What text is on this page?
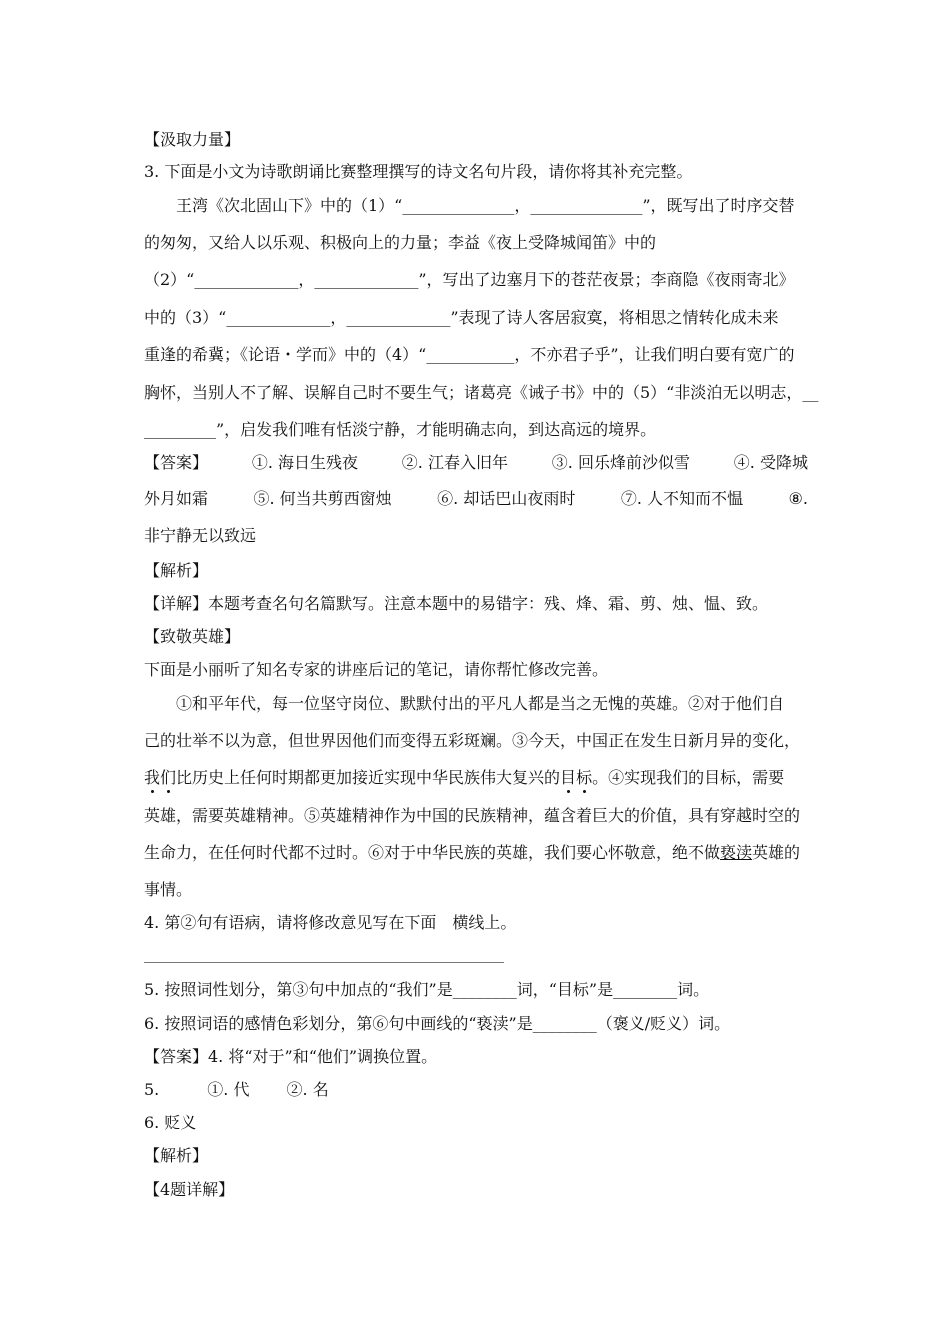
【汲取力量】
3. 下面是小文为诗歌朗诵比赛整理撰写的诗文名句片段，请你将其补充完整。
　　王湾《次北固山下》中的（1）“______________，______________”，既写出了时序交替
的匆匆，又给人以乐观、积极向上的力量；李益《夜上受降城闻笛》中的
（2）“_____________，_____________”，写出了边塞月下的苍茫夜景；李商隐《夜雨寄北》
中的（3）“_____________，_____________”表现了诗人客居寂寞，将相思之情转化成未来
重逢的希冀；《论语・学而》中的（4）“___________，不亦君子乎”，让我们明白要有宽广的
胸怀，当别人不了解、误解自己时不要生气；诸葛亮《诫子书》中的（5）“非淡泊无以明志，__
_________”，启发我们唯有恬淡宁静，才能明确志向，到达高远的境界。
【答案】	①. 海日生残夜	②. 江春入旧年	③. 回乐烽前沙似雪	④. 受降城
外月如霜	⑤. 何当共剪西窗烛	⑥. 却话巴山夜雨时	⑦. 人不知而不愠	⑧.
非宁静无以致远
【解析】
【详解】本题考查名句名篇默写。注意本题中的易错字：残、烽、霜、剪、烛、愠、致。
【致敬英雄】
下面是小丽听了知名专家的讲座后记的笔记，请你帮忙修改完善。
　　①和平年代，每一位坚守岗位、默默付出的平凡人都是当之无愧的英雄。②对于他们自
己的壮举不以为意，但世界因他们而变得五彩斑斓。③今天，中国正在发生日新月异的变化，
我们比历史上任何时期都更加接近实现中华民族伟大复兴的目标。④实现我们的目标，需要
英雄，需要英雄精神。⑤英雄精神作为中国的民族精神，蕴含着巨大的价值，具有穿越时空的
生命力，在任何时代都不过时。⑥对于中华民族的英雄，我们要心怀敬意，绝不做亵渎英雄的
事情。
4. 第②句有语病，请将修改意见写在下面　横线上。
5. 按照词性划分，第③句中加点的“我们”是________词，“目标”是________词。
6. 按照词语的感情色彩划分，第⑥句中画线的“亵渎”是________（褒义/贬义）词。
【答案】4. 将“对于”和“他们”调换位置。
5.　　　①. 代　　 ②. 名
6. 贬义
【解析】
【4题详解】
